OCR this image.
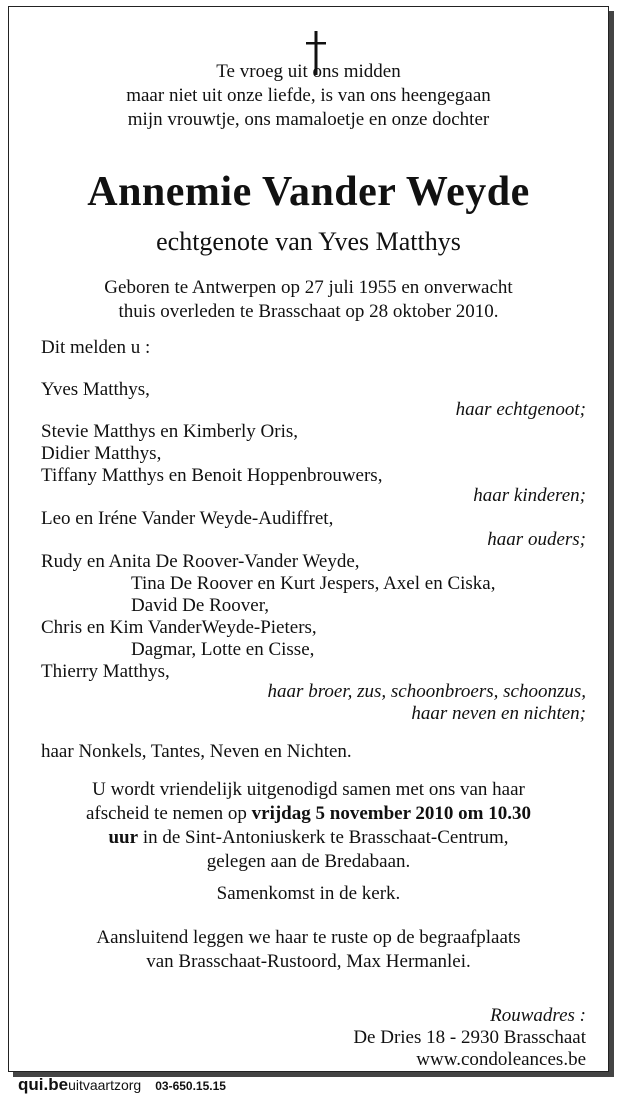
Te vroeg uit ons midden
maar niet uit onze liefde, is van ons heengegaan
mijn vrouwtje, ons mamaloetje en onze dochter
Annemie Vander Weyde
echtgenote van Yves Matthys
Geboren te Antwerpen op 27 juli 1955 en onverwacht
thuis overleden te Brasschaat op 28 oktober 2010.
Dit melden u :
Yves Matthys,
haar echtgenoot;
Stevie Matthys en Kimberly Oris,
Didier Matthys,
Tiffany Matthys en Benoit Hoppenbrouwers,
haar kinderen;
Leo en Iréne Vander Weyde-Audiffret,
haar ouders;
Rudy en Anita De Roover-Vander Weyde,
Tina De Roover en Kurt Jespers, Axel en Ciska,
David De Roover,
Chris en Kim VanderWeyde-Pieters,
Dagmar, Lotte en Cisse,
Thierry Matthys,
haar broer, zus, schoonbroers, schoonzus,
haar neven en nichten;
haar Nonkels, Tantes, Neven en Nichten.
U wordt vriendelijk uitgenodigd samen met ons van haar
afscheid te nemen op vrijdag 5 november 2010 om 10.30
uur in de Sint-Antoniuskerk te Brasschaat-Centrum,
gelegen aan de Bredabaan.
Samenkomst in de kerk.
Aansluitend leggen we haar te ruste op de begraafplaats
van Brasschaat-Rustoord, Max Hermanlei.
Rouwadres :
De Dries 18 - 2930 Brasschaat
www.condoleances.be
qui.beuitvaartzorg 03-650.15.15
